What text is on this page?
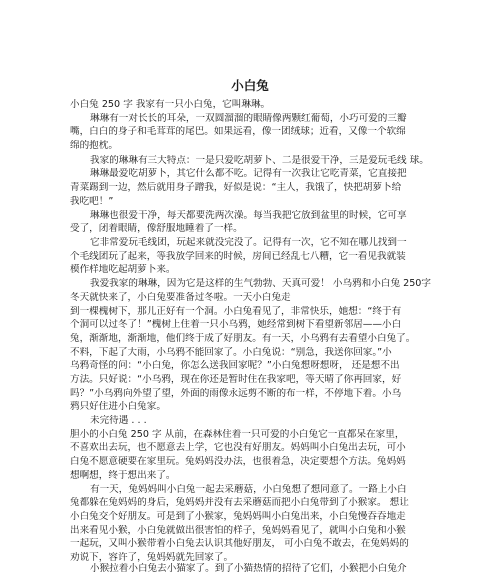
小白兔
小白兔 250 字 我家有一只小白兔，它叫琳琳。
琳琳有一对长长的耳朵，一双圆溜溜的眼睛像两颗红葡萄，小巧可爱的三瓣
嘴，白白的身子和毛茸茸的尾巴。如果远看，像一团绒球；近看，又像一个软绵
绵的抱枕。
我家的琳琳有三大特点：一是只爱吃胡萝卜、二是很爱干净，三是爱玩毛线 球。
琳琳最爱吃胡萝卜，其它什么都不吃。记得有一次我让它吃青菜，它直接把
青菜踢到一边，然后就用身子蹭我，好似是说：“主人，我饿了，快把胡萝卜给
我吃吧！”
琳琳也很爱干净，每天都要洗两次澡。每当我把它放到盆里的时候，它可享
受了，闭着眼睛，像舒服地睡着了一样。
它非常爱玩毛线团，玩起来就没完没了。记得有一次，它不知在哪儿找到一
个毛线团玩了起来，等我放学回来的时候，房间已经乱七八糟，它一看见我就装
模作样地吃起胡萝卜来。
我爱我家的琳琳，因为它是这样的生气勃勃、天真可爱！ 小乌鸦和小白兔 250字
冬天就快来了，小白兔要准备过冬啦。一天小白兔走
到一棵槐树下，那儿正好有一个洞。小白兔看见了，非常快乐，她想：“终于有
个洞可以过冬了！”槐树上住着一只小乌鸦，她经常到树下看望新邻居——小白
兔，渐渐地，渐渐地，他们终于成了好朋友。有一天，小乌鸦有去看望小白兔了。
不料，下起了大雨，小乌鸦不能回家了。小白兔说：“别急，我送你回家。”小
乌鸦奇怪的问：“小白兔，你怎么送我回家呢？”小白兔想呀想呀， 还是想不出
方法。只好说：“小乌鸦，现在你还是暂时住在我家吧，等天晴了你再回家，好
吗？”小乌鸦向外望了望，外面的雨像永远剪不断的布一样，不停地下着。小乌
鸦只好住进小白兔家。
未完待遇 . . .
胆小的小白兔 250 字 从前，在森林住着一只可爱的小白兔它一直都呆在家里，
不喜欢出去玩，也不愿意去上学，它也没有好朋友。妈妈叫小白兔出去玩，可小
白兔不愿意硬要在家里玩。兔妈妈没办法，也很着急，决定要想个方法。兔妈妈
想啊想，终于想出来了。
有一天，兔妈妈叫小白兔一起去采蘑菇，小白兔想了想同意了。一路上小白
兔都躲在兔妈妈的身后，兔妈妈并没有去采蘑菇而把小白兔带到了小猴家。 想让
小白兔交个好朋友。可是到了小猴家，兔妈妈叫小白兔出来，小白兔慢吞吞地走
出来看见小猴，小白兔就做出很害怕的样子，兔妈妈看见了，就叫小白兔和小猴
一起玩，又叫小猴带着小白兔去认识其他好朋友， 可小白兔不敢去，在兔妈妈的
劝说下，容许了，兔妈妈就先回家了。
小猴拉着小白兔去小猫家了。到了小猫热情的招待了它们，小猴把小白兔介
